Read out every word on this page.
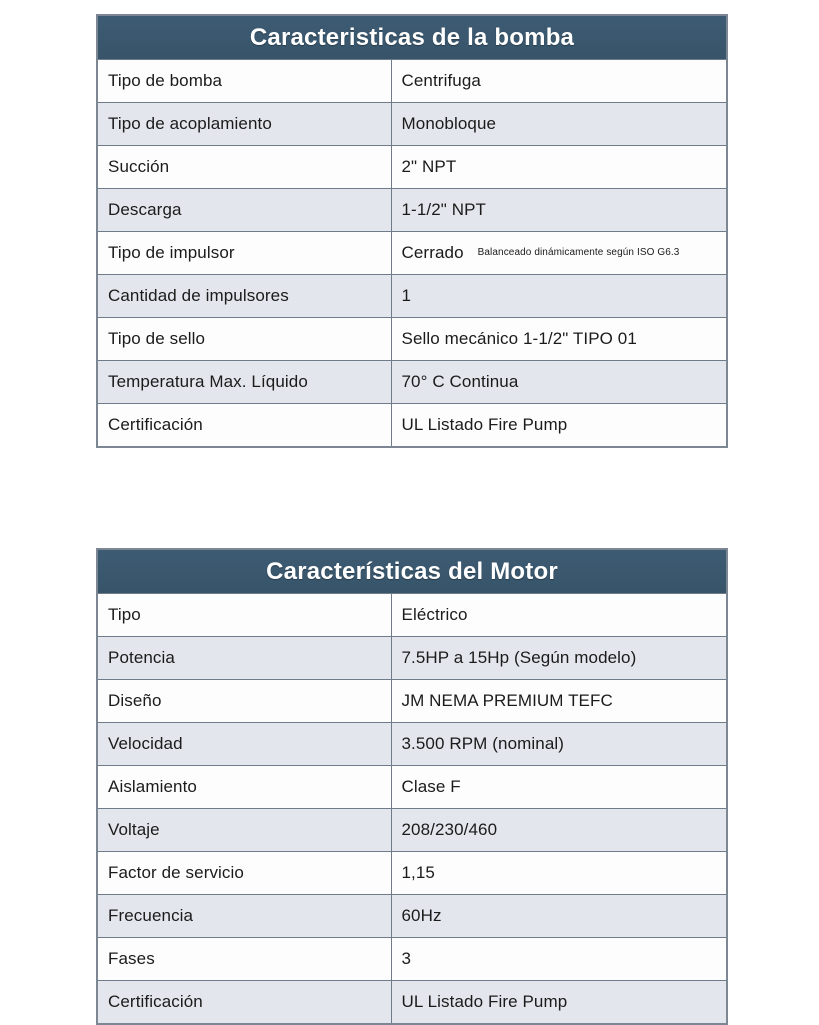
Caracteristicas de la bomba	
Tipo de bomba	Centrifuga
Tipo de acoplamiento	Monobloque
Succión	2" NPT
Descarga	1-1/2" NPT
Tipo de impulsor	Cerrado Balanceado dinámicamente según ISO G6.3

Cantidad de impulsores	1
Tipo de sello	Sello mecánico 1-1/2" TIPO 01
Temperatura Max. Líquido	70° C Continua
Certificación	UL Listado Fire Pump
Características del Motor	
Tipo	Eléctrico
Potencia	7.5HP a 15Hp (Según modelo)
Diseño	JM NEMA PREMIUM TEFC
Velocidad	3.500 RPM (nominal)
Aislamiento	Clase F
Voltaje	208/230/460
Factor de servicio	1,15
Frecuencia	60Hz
Fases	3
Certificación	UL Listado Fire Pump
